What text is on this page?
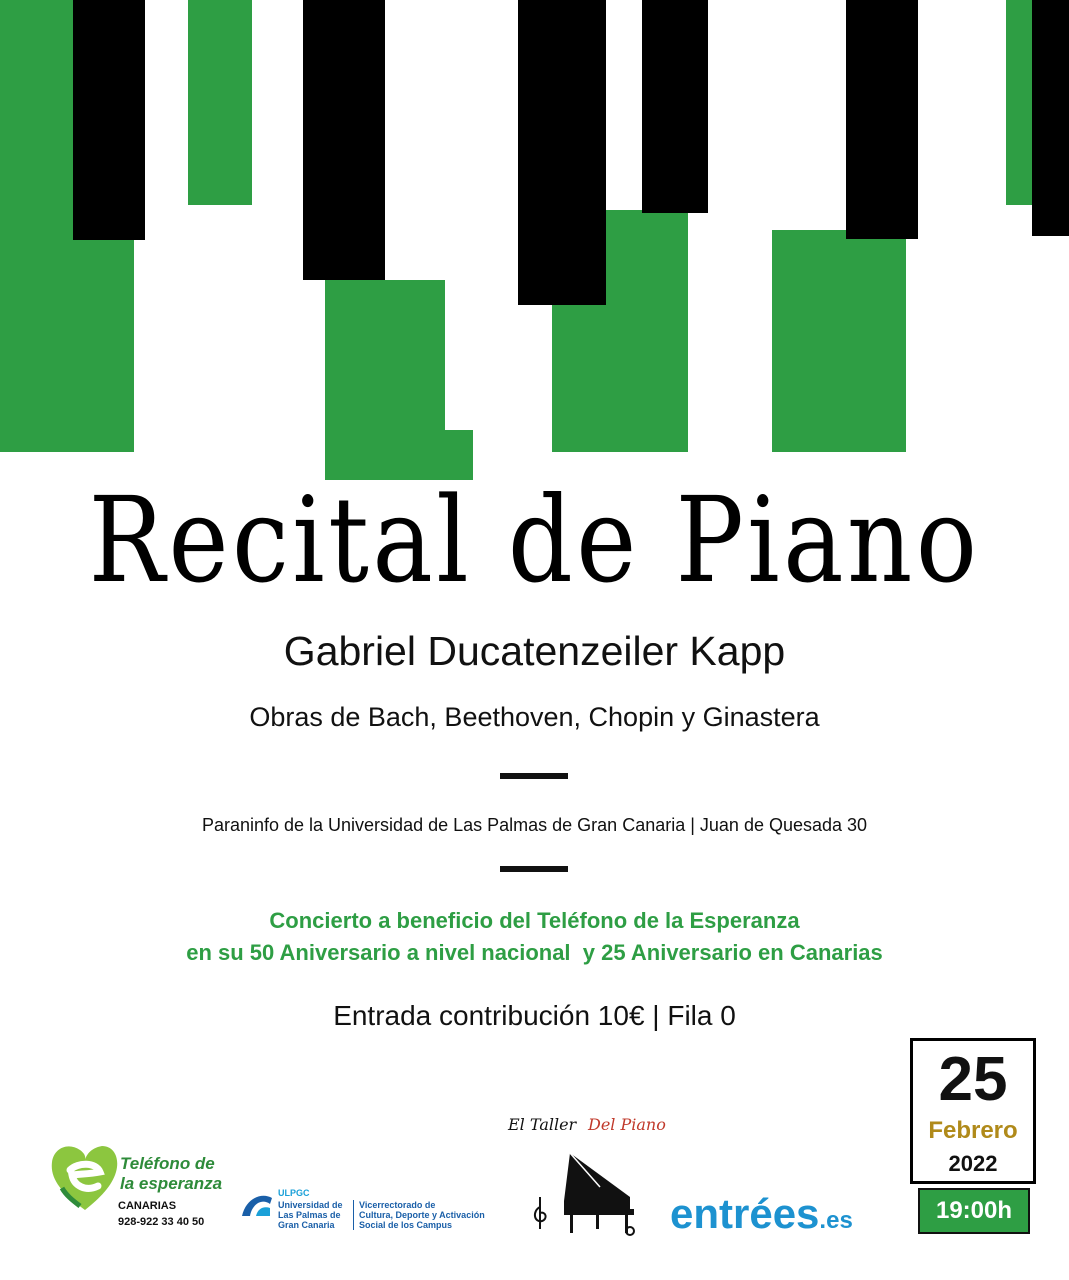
Recital de Piano
Gabriel Ducatenzeiler Kapp
Obras de Bach, Beethoven, Chopin y Ginastera
Paraninfo de la Universidad de Las Palmas de Gran Canaria | Juan de Quesada 30
Concierto a beneficio del Teléfono de la Esperanza
en su 50 Aniversario a nivel nacional  y 25 Aniversario en Canarias
Entrada contribución 10€ | Fila 0
25
Febrero
2022
19:00h
Teléfono de
la esperanza
CANARIAS
928-922 33 40 50
ULPGC
Universidad de
Las Palmas de
Gran Canaria
Vicerrectorado de
Cultura, Deporte y Activación
Social de los Campus
El Taller Del Piano
entrées.es
